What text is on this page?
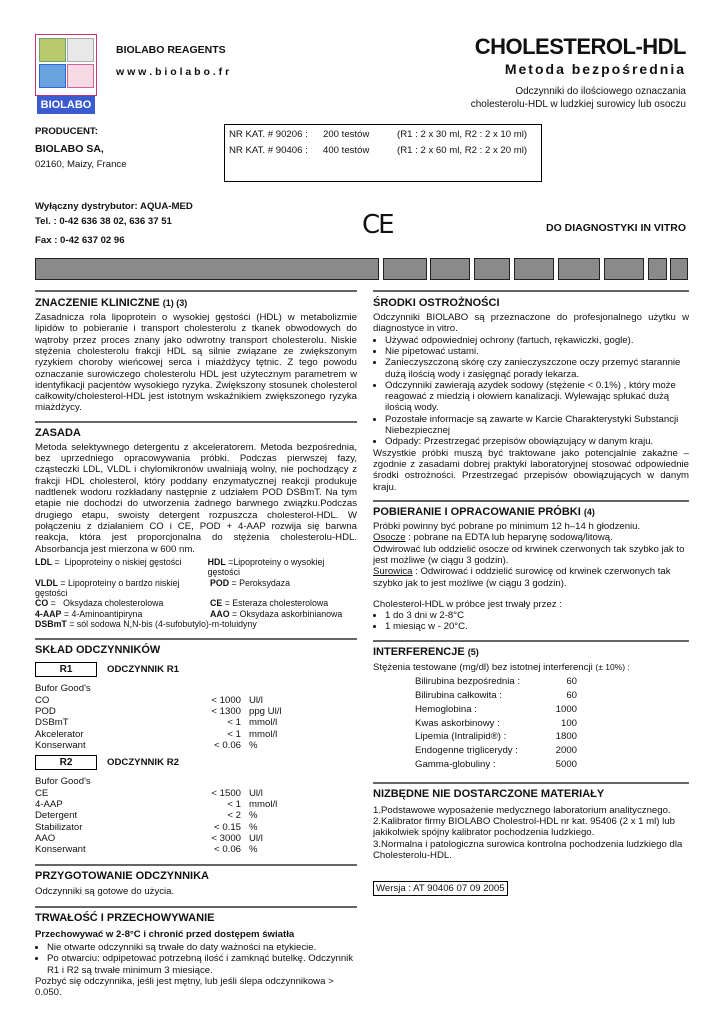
BIOLABO
BIOLABO REAGENTS
w w w . b i o l a b o . f r
CHOLESTEROL-HDL
Metoda bezpośrednia
Odczynniki do ilościowego oznaczania
cholesterolu-HDL w ludzkiej surowicy lub osoczu
PRODUCENT:
BIOLABO SA,
02160, Maizy, France
NR KAT. # 90206 : 200 testów	(R1 : 2 x 30 ml, R2 : 2 x 10 ml)
NR KAT. # 90406 : 400 testów	(R1 : 2 x 60 ml, R2 : 2 x 20 ml)
Wyłączny dystrybutor: AQUA-MED
Tel. : 0-42 636 38 02, 636 37 51
Fax : 0-42 637 02 96
CE	DO DIAGNOSTYKI IN VITRO
ZNACZENIE KLINICZNE (1) (3)

Zasadnicza rola lipoprotein o wysokiej gęstości (HDL) w metabolizmie lipidów to pobieranie i transport cholesterolu z tkanek obwodowych do wątroby przez proces znany jako odwrotny transport cholesterolu. Niskie stężenia cholesterolu frakcji HDL są silnie związane ze zwiększonym ryzykiem choroby wieńcowej serca i miażdżycy tętnic. Z tego powodu oznaczanie surowiczego cholesterolu HDL jest użytecznym parametrem w identyfikacji pacjentów wysokiego ryzyka. Zwiększony stosunek cholesterol całkowity/cholesterol-HDL jest istotnym wskaźnikiem zwiększonego ryzyka miażdżycy.

ZASADA

Metoda selektywnego detergentu z akceleratorem. Metoda bezpośrednia, bez uprzedniego opracowywania próbki. Podczas pierwszej fazy, cząsteczki LDL, VLDL i chylomikronów uwalniają wolny, nie pochodzący z frakcji HDL cholesterol, który poddany enzymatycznej reakcji produkuje nadtlenek wodoru rozkładany następnie z udziałem POD DSBmT. Na tym etapie nie dochodzi do utworzenia żadnego barwnego związku.Podczas drugiego etapu, swoisty detergent rozpuszcza cholesterol-HDL. W połączeniu z działaniem CO i CE, POD + 4-AAP rozwija się barwna reakcja, która jest proporcjonalna do stężenia cholesterolu-HDL. Absorbancja jest mierzona w 600 nm.

LDL =  Lipoproteiny o niskiej gęstości	HDL =Lipoproteiny o wysokiej gęstości
VLDL = Lipoproteiny o bardzo niskiej gęstości
POD = Peroksydaza
CO =   Oksydaza cholesterolowa	CE = Esteraza cholesterolowa
4-AAP = 4-Aminoantipiryna	AAO = Oksydaza askorbinianowa
DSBmT = sól sodowa N,N-bis (4-sufobutylo)-m-toluidyny
SKŁAD ODCZYNNIKÓW
R1	ODCZYNNIK R1
Bufor Good's
CO	< 1000 Ul/l
POD	< 1300 ppg Ul/l
DSBmT	< 1 mmol/l
Akcelerator	< 1 mmol/l
Konserwant	< 0.06 %
R2	ODCZYNNIK R2
Bufor Good's
CE	< 1500 Ul/l
4-AAP	< 1 mmol/l
Detergent	< 2 %
Stabilizator	< 0.15 %
AAO	< 3000 Ul/l
Konserwant	< 0.06 %
PRZYGOTOWANIE ODCZYNNIKA

Odczynniki są gotowe do użycia.

TRWAŁOŚĆ I PRZECHOWYWANIE

Przechowywać w 2-8°C i chronić przed dostępem światła

• Nie otwarte odczynniki są trwałe do daty ważności na etykiecie.
• Po otwarciu: odpipetować potrzebną ilość i zamknąć butelkę. Odczynnik R1 i R2 są trwałe minimum 3 miesiące.

Pozbyć się odczynnika, jeśli jest mętny, lub jeśli ślepa odczynnikowa > 0.050.

ŚRODKI OSTROŻNOŚCI

Odczynniki BIOLABO są przeznaczone do profesjonalnego użytku w diagnostyce in vitro.

• Używać odpowiedniej ochrony (fartuch, rękawiczki, gogle).
• Nie pipetować ustami.
• Zanieczyszczoną skórę czy zanieczyszczone oczy przemyć starannie dużą ilością wody i zasięgnąć porady lekarza.
• Odczynniki zawierają azydek sodowy (stężenie < 0.1%) , który może reagować z miedzią i ołowiem kanalizacji. Wylewając spłukać dużą ilością wody.
• Pozostałe informacje są zawarte w Karcie Charakterystyki Substancji Niebezpiecznej
• Odpady: Przestrzegać przepisów obowiązujący w danym kraju.

Wszystkie próbki muszą być traktowane jako potencjalnie zakaźne – zgodnie z zasadami dobrej praktyki laboratoryjnej stosować odpowiednie środki ostrożności. Przestrzegać przepisów obowiązujących w danym kraju.

POBIERANIE I OPRACOWANIE PRÓBKI (4)

Próbki powinny być pobrane po minimum 12 h–14 h głodzeniu.

Osocze : pobrane na EDTA lub heparynę sodową/litową.

Odwirować lub oddzielić osocze od krwinek czerwonych tak szybko jak to jest możliwe (w ciągu 3 godzin).

Surowica : Odwirować i oddzielić surowicę od krwinek czerwonych tak szybko jak to jest możliwe (w ciągu 3 godzin).

Cholesterol-HDL w próbce jest trwały przez :

• 1 do 3 dni w 2-8°C
• 1 miesiąc w - 20°C.
INTERFERENCJE (5)

Stężenia testowane (mg/dl) bez istotnej interferencji (± 10%) :

Bilirubina bezpośrednia :	60
Bilirubina całkowita :	60
Hemoglobina :	1000
Kwas askorbinowy :	100
Lipemia (Intralipid®) :	1800
Endogenne triglicerydy :	2000
Gamma-globuliny :	5000
NIZBĘDNE NIE DOSTARCZONE MATERIAŁY

1.Podstawowe wyposażenie medycznego laboratorium analitycznego.

2.Kalibrator firmy BIOLABO Cholestrol-HDL nr kat. 95406 (2 x 1 ml) lub jakikolwiek spójny kalibrator pochodzenia ludzkiego.

3.Normalna i patologiczna surowica kontrolna pochodzenia ludzkiego dla Cholesterolu-HDL.

Wersja : AT 90406 07 09 2005
